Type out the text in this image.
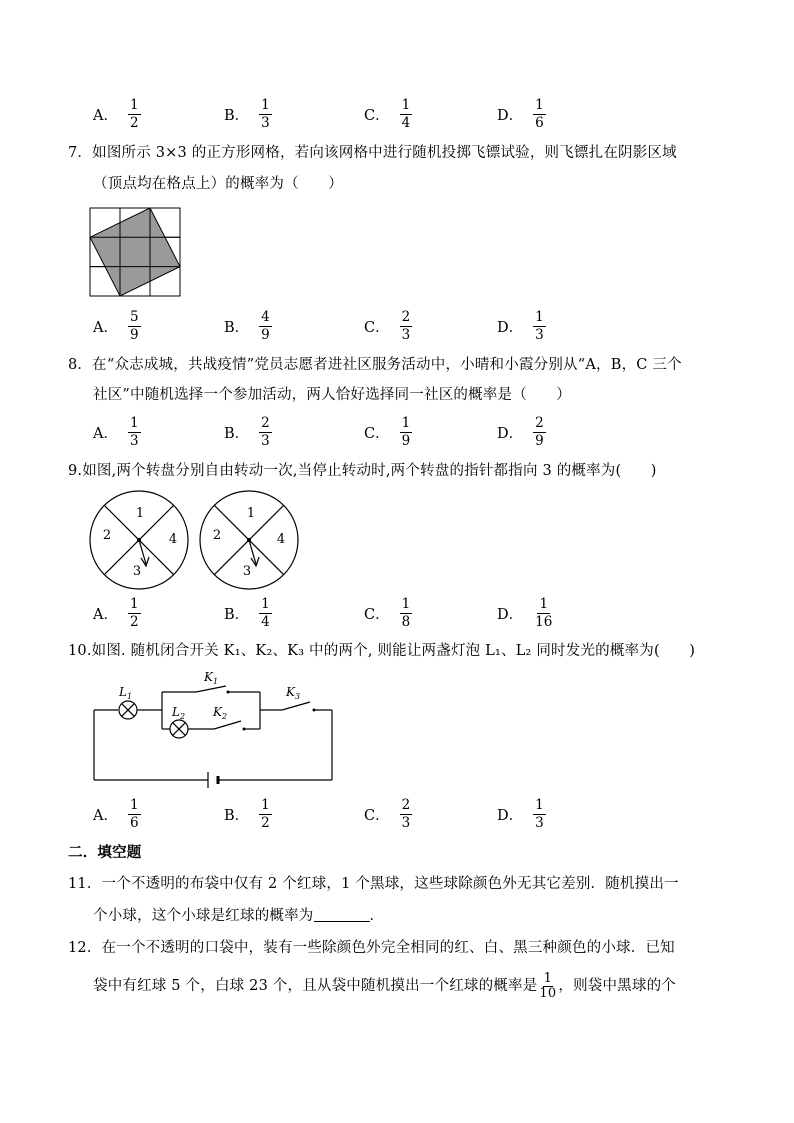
A． $\frac{1}{2}$	B． $\frac{1}{3}$	C． $\frac{1}{4}$	D． $\frac{1}{6}$
7．如图所示 3×3 的正方形网格，若向该网格中进行随机投掷飞镖试验，则飞镖扎在阴影区域
（顶点均在格点上）的概率为（　　）
A． $\frac{5}{9}$	B． $\frac{4}{9}$	C． $\frac{2}{3}$	D． $\frac{1}{3}$
8．在“众志成城，共战疫情”党员志愿者进社区服务活动中，小晴和小霞分别从“A，B，C 三个
社区”中随机选择一个参加活动，两人恰好选择同一社区的概率是（　　）
A． $\frac{1}{3}$	B． $\frac{2}{3}$	C． $\frac{1}{9}$	D． $\frac{2}{9}$
9.如图,两个转盘分别自由转动一次,当停止转动时,两个转盘的指针都指向 3 的概率为(　　)
1
4
3
2
1
4
3
2
A． $\frac{1}{2}$	B． $\frac{1}{4}$	C． $\frac{1}{8}$	D． $\frac{1}{16}$
10.如图. 随机闭合开关 K₁、K₂、K₃ 中的两个, 则能让两盏灯泡 L₁、L₂ 同时发光的概率为(　　)
$L_1$
$L_2$
$K_1$
$K_2$
$K_3$
A． $\frac{1}{6}$	B． $\frac{1}{2}$	C． $\frac{2}{3}$	D． $\frac{1}{3}$
二．填空题
11．一个不透明的布袋中仅有 2 个红球，1 个黑球，这些球除颜色外无其它差别．随机摸出一
个小球，这个小球是红球的概率为	．
12．在一个不透明的口袋中，装有一些除颜色外完全相同的红、白、黑三种颜色的小球．已知
袋中有红球 5 个，白球 23 个，且从袋中随机摸出一个红球的概率是 $\frac{1}{10}$ ，则袋中黑球的个
